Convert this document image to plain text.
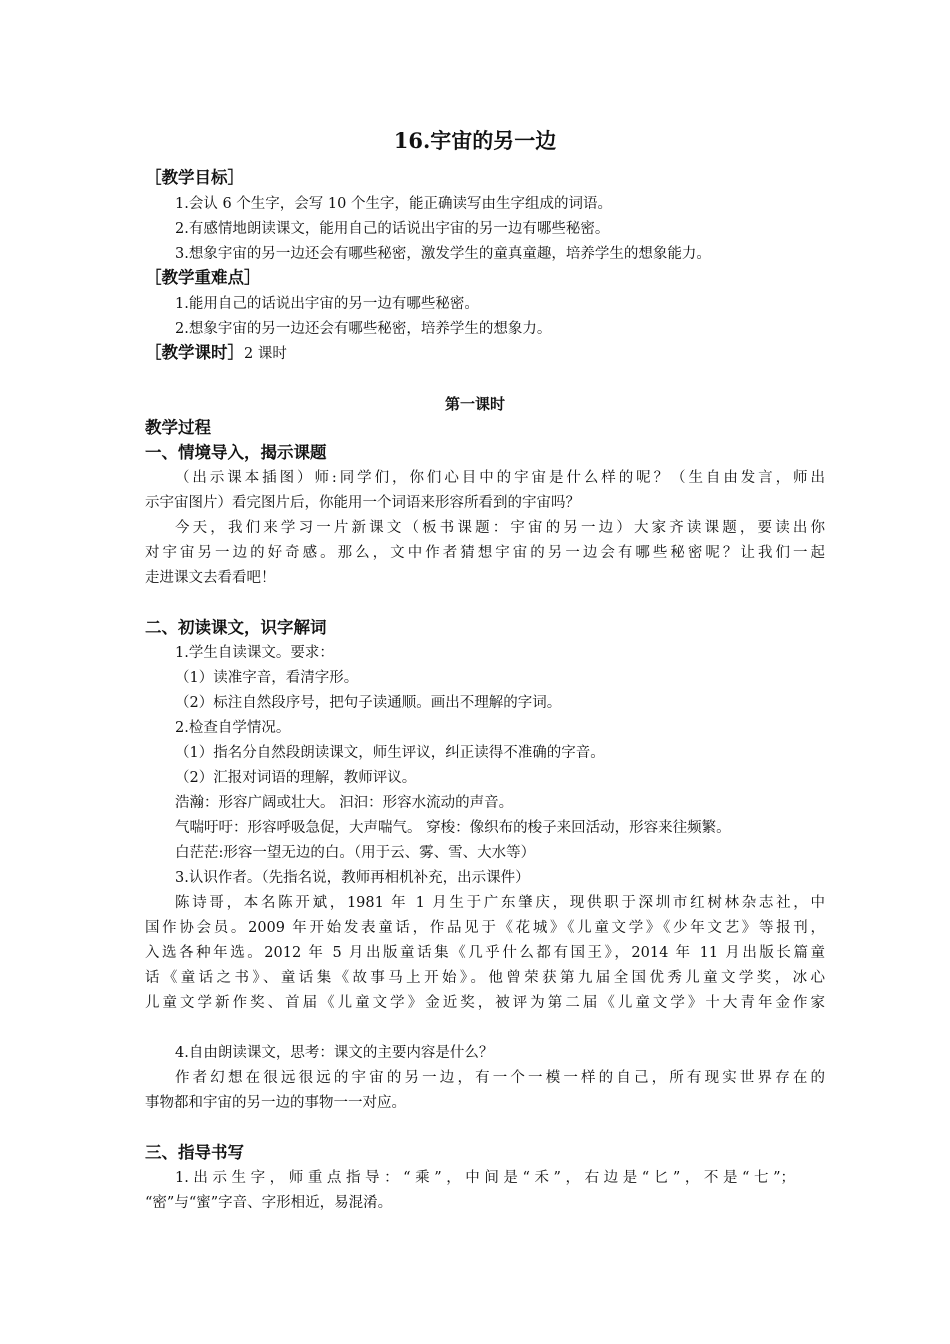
16.宇宙的另一边
［教学目标］
1.会认 6 个生字，会写 10 个生字，能正确读写由生字组成的词语。
2.有感情地朗读课文，能用自己的话说出宇宙的另一边有哪些秘密。
3.想象宇宙的另一边还会有哪些秘密，激发学生的童真童趣，培养学生的想象能力。
［教学重难点］
1.能用自己的话说出宇宙的另一边有哪些秘密。
2.想象宇宙的另一边还会有哪些秘密，培养学生的想象力。
［教学课时］2 课时
第一课时
教学过程
一、情境导入，揭示课题
（出示课本插图）师:同学们，你们心目中的宇宙是什么样的呢？（生自由发言，师出
示宇宙图片）看完图片后，你能用一个词语来形容所看到的宇宙吗？
今天，我们来学习一片新课文（板书课题：宇宙的另一边）大家齐读课题，要读出你
对宇宙另一边的好奇感。那么，文中作者猜想宇宙的另一边会有哪些秘密呢？让我们一起
走进课文去看看吧！
二、初读课文，识字解词
1.学生自读课文。要求：
（1）读准字音，看清字形。
（2）标注自然段序号，把句子读通顺。画出不理解的字词。
2.检查自学情况。
（1）指名分自然段朗读课文，师生评议，纠正读得不准确的字音。
（2）汇报对词语的理解，教师评议。
浩瀚：形容广阔或壮大。 汩汩：形容水流动的声音。
气喘吁吁：形容呼吸急促，大声喘气。 穿梭：像织布的梭子来回活动，形容来往频繁。
白茫茫:形容一望无边的白。（用于云、雾、雪、大水等）
3.认识作者。（先指名说，教师再相机补充，出示课件）
陈诗哥，本名陈开斌，1981 年 1 月生于广东肇庆，现供职于深圳市红树林杂志社，中
国作协会员。2009 年开始发表童话，作品见于《花城》《儿童文学》《少年文艺》等报刊，
入选各种年选。2012 年 5 月出版童话集《几乎什么都有国王》，2014 年 11 月出版长篇童
话《童话之书》、童话集《故事马上开始》。他曾荣获第九届全国优秀儿童文学奖，冰心
儿童文学新作奖、首届《儿童文学》金近奖，被评为第二届《儿童文学》十大青年金作家
4.自由朗读课文，思考：课文的主要内容是什么？
作者幻想在很远很远的宇宙的另一边，有一个一模一样的自己，所有现实世界存在的
事物都和宇宙的另一边的事物一一对应。
三、指导书写
1.出示生字，师重点指导：“乘”，中间是“禾”，右边是“匕”，不是“七”；
“密”与“蜜”字音、字形相近，易混淆。
